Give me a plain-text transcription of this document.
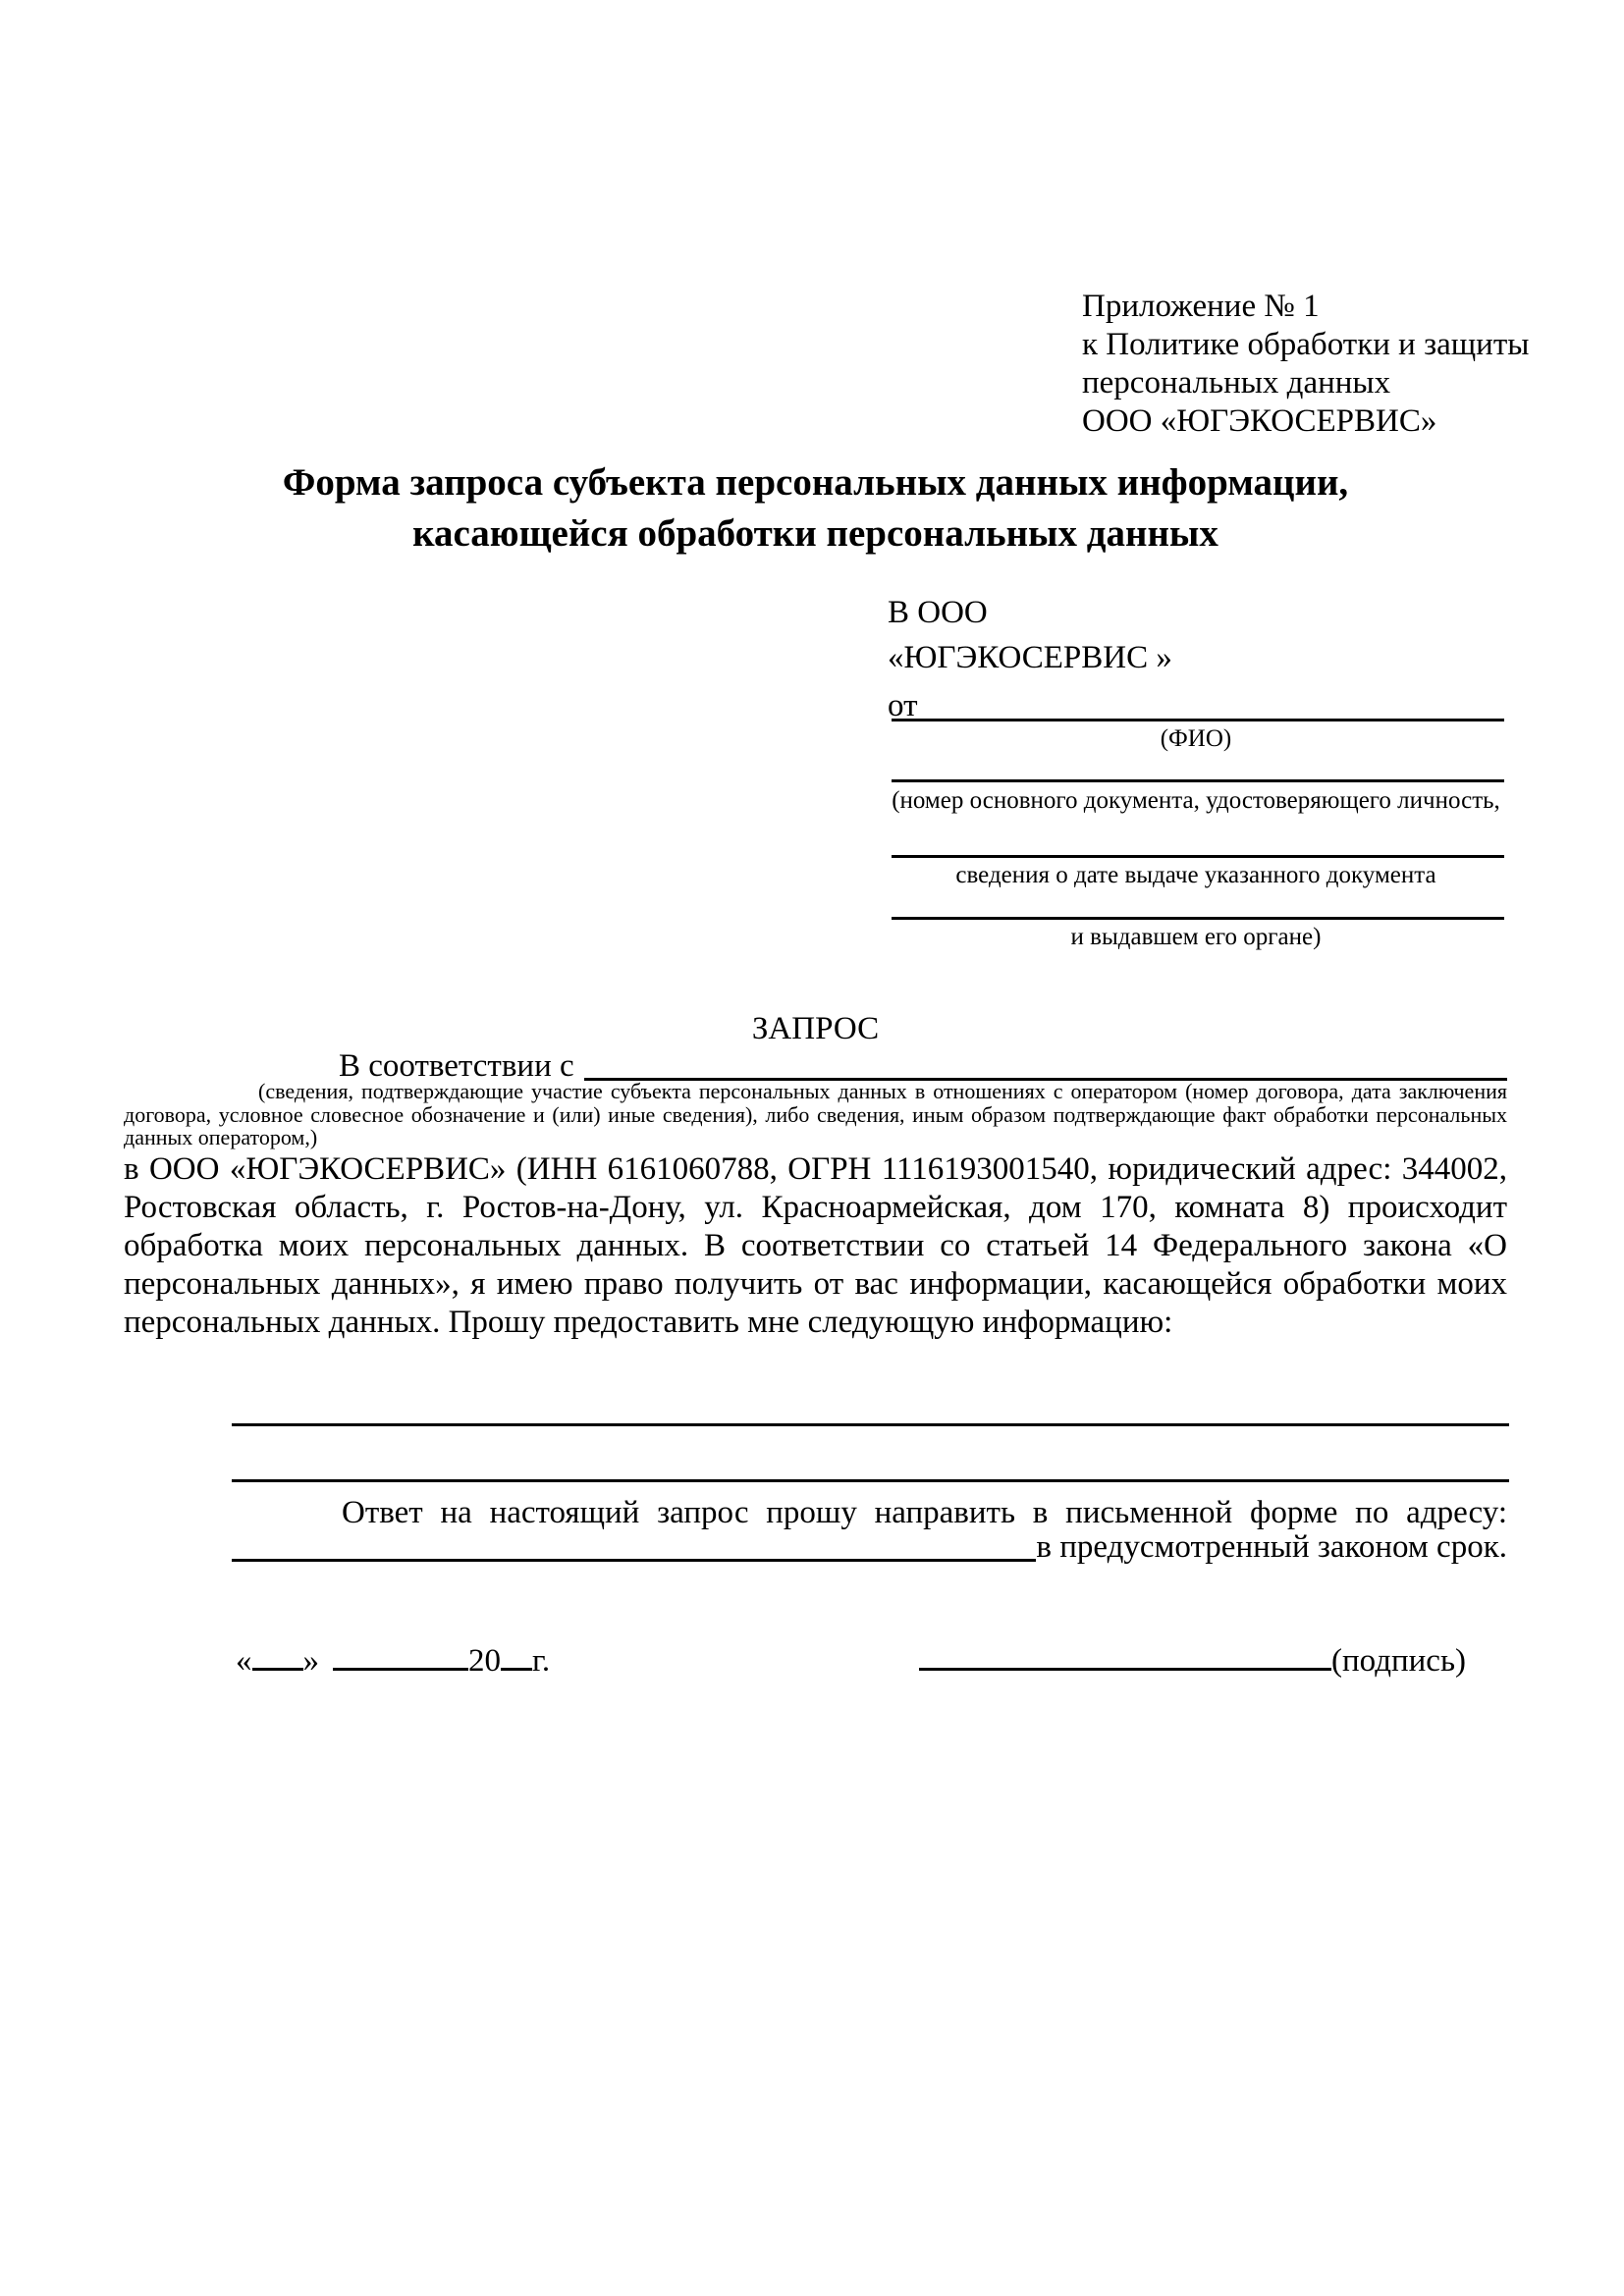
Приложение № 1
к Политике обработки и защиты
персональных данных
ООО «ЮГЭКОСЕРВИС»
Форма запроса субъекта персональных данных информации,
касающейся обработки персональных данных
В ООО
«ЮГЭКОСЕРВИС »
от
(ФИО)
(номер основного документа, удостоверяющего личность,
сведения о дате выдаче указанного документа
и выдавшем его органе)
ЗАПРОС
В соответствии с
(сведения, подтверждающие участие субъекта персональных данных в отношениях с оператором (номер договора, дата заключения договора, условное словесное обозначение и (или) иные сведения), либо сведения, иным образом подтверждающие факт обработки персональных данных оператором,)
в ООО «ЮГЭКОСЕРВИС» (ИНН 6161060788, ОГРН 1116193001540, юридический адрес: 344002, Ростовская область, г. Ростов-на-Дону, ул. Красноармейская, дом 170, комната 8) происходит обработка моих персональных данных. В соответствии со статьей 14 Федерального закона «О персональных данных», я имею право получить от вас информации, касающейся обработки моих персональных данных. Прошу предоставить мне следующую информацию:
Ответ на настоящий запрос прошу направить в письменной форме по адресу:
в предусмотренный законом срок.
« »	20 г.	(подпись)
